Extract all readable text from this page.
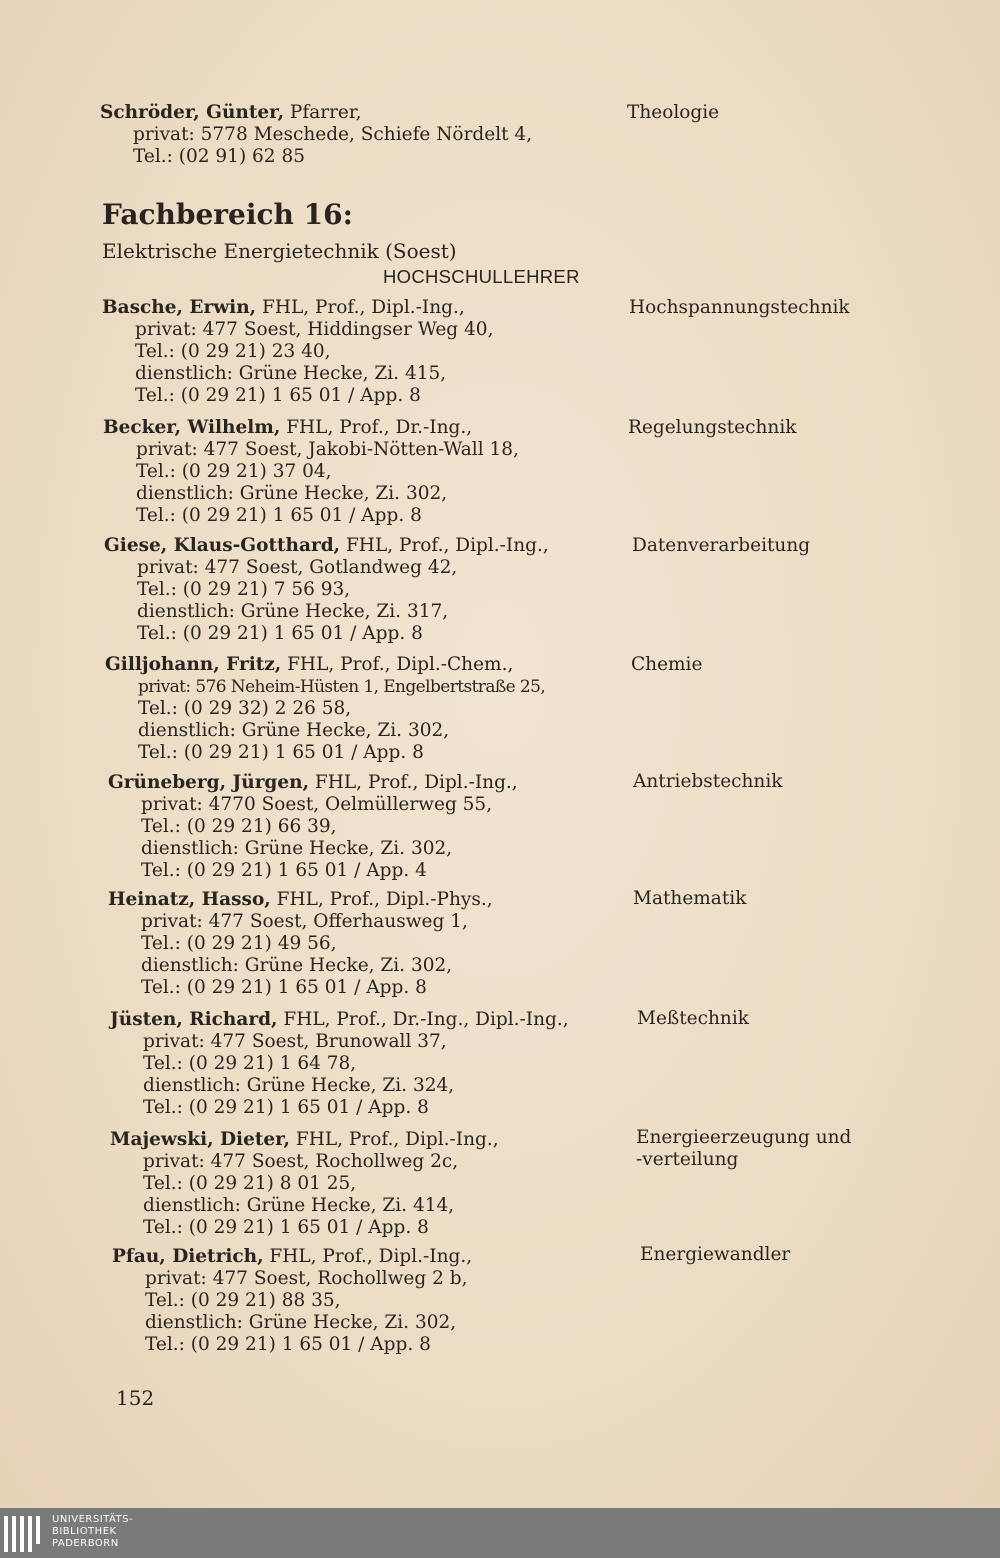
Schröder, Günter, Pfarrer,
privat: 5778 Meschede, Schiefe Nördelt 4,
Tel.: (02 91) 62 85
Theologie
Fachbereich 16:
Elektrische Energietechnik (Soest)
HOCHSCHULLEHRER
Basche, Erwin, FHL, Prof., Dipl.-Ing.,
privat: 477 Soest, Hiddingser Weg 40,
Tel.: (0 29 21) 23 40,
dienstlich: Grüne Hecke, Zi. 415,
Tel.: (0 29 21) 1 65 01 / App. 8
Hochspannungstechnik
Becker, Wilhelm, FHL, Prof., Dr.-Ing.,
privat: 477 Soest, Jakobi-Nötten-Wall 18,
Tel.: (0 29 21) 37 04,
dienstlich: Grüne Hecke, Zi. 302,
Tel.: (0 29 21) 1 65 01 / App. 8
Regelungstechnik
Giese, Klaus-Gotthard, FHL, Prof., Dipl.-Ing.,
privat: 477 Soest, Gotlandweg 42,
Tel.: (0 29 21) 7 56 93,
dienstlich: Grüne Hecke, Zi. 317,
Tel.: (0 29 21) 1 65 01 / App. 8
Datenverarbeitung
Gilljohann, Fritz, FHL, Prof., Dipl.-Chem.,
privat: 576 Neheim-Hüsten 1, Engelbertstraße 25,
Tel.: (0 29 32) 2 26 58,
dienstlich: Grüne Hecke, Zi. 302,
Tel.: (0 29 21) 1 65 01 / App. 8
Chemie
Grüneberg, Jürgen, FHL, Prof., Dipl.-Ing.,
privat: 4770 Soest, Oelmüllerweg 55,
Tel.: (0 29 21) 66 39,
dienstlich: Grüne Hecke, Zi. 302,
Tel.: (0 29 21) 1 65 01 / App. 4
Antriebstechnik
Heinatz, Hasso, FHL, Prof., Dipl.-Phys.,
privat: 477 Soest, Offerhausweg 1,
Tel.: (0 29 21) 49 56,
dienstlich: Grüne Hecke, Zi. 302,
Tel.: (0 29 21) 1 65 01 / App. 8
Mathematik
Jüsten, Richard, FHL, Prof., Dr.-Ing., Dipl.-Ing.,
privat: 477 Soest, Brunowall 37,
Tel.: (0 29 21) 1 64 78,
dienstlich: Grüne Hecke, Zi. 324,
Tel.: (0 29 21) 1 65 01 / App. 8
Meßtechnik
Majewski, Dieter, FHL, Prof., Dipl.-Ing.,
privat: 477 Soest, Rochollweg 2c,
Tel.: (0 29 21) 8 01 25,
dienstlich: Grüne Hecke, Zi. 414,
Tel.: (0 29 21) 1 65 01 / App. 8
Energieerzeugung und
-verteilung
Pfau, Dietrich, FHL, Prof., Dipl.-Ing.,
privat: 477 Soest, Rochollweg 2 b,
Tel.: (0 29 21) 88 35,
dienstlich: Grüne Hecke, Zi. 302,
Tel.: (0 29 21) 1 65 01 / App. 8
Energiewandler
152
UNIVERSITÄTS-
BIBLIOTHEK
PADERBORN
